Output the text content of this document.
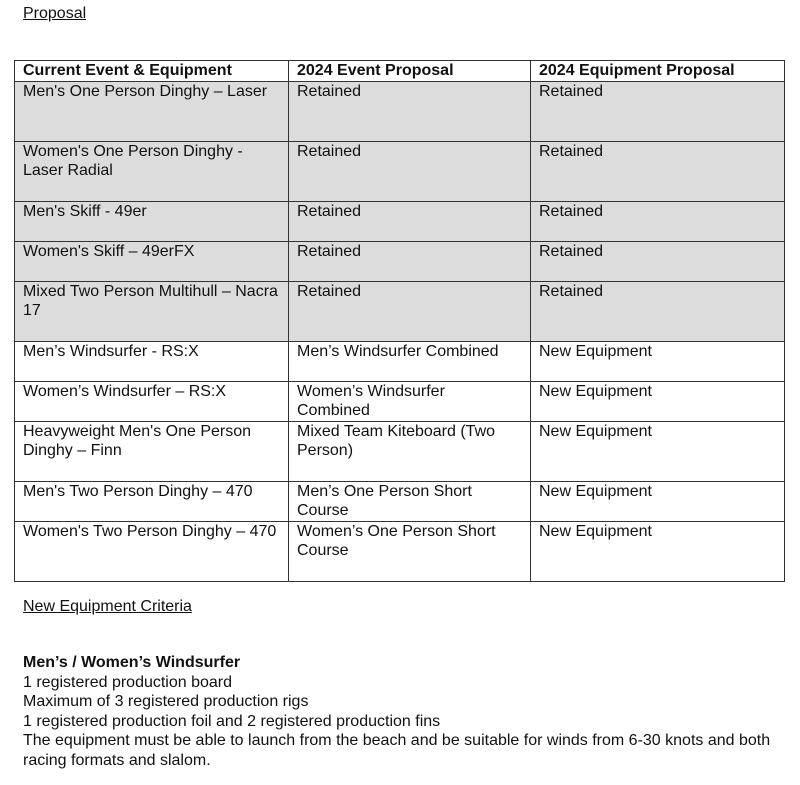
Proposal
Current Event & Equipment	2024 Event Proposal	2024 Equipment Proposal
Men's One Person Dinghy – Laser	Retained	Retained
Women's One Person Dinghy - Laser Radial	Retained	Retained
Men's Skiff - 49er	Retained	Retained
Women's Skiff – 49erFX	Retained	Retained
Mixed Two Person Multihull – Nacra 17	Retained	Retained
Men’s Windsurfer - RS:X	Men’s Windsurfer Combined	New Equipment
Women’s Windsurfer – RS:X	Women’s Windsurfer Combined	New Equipment
Heavyweight Men's One Person Dinghy – Finn	Mixed Team Kiteboard (Two Person)	New Equipment
Men's Two Person Dinghy – 470	Men’s One Person Short Course	New Equipment
Women's Two Person Dinghy – 470	Women’s One Person Short Course	New Equipment
New Equipment Criteria
Men’s / Women’s Windsurfer
1 registered production board
Maximum of 3 registered production rigs
1 registered production foil and 2 registered production fins
The equipment must be able to launch from the beach and be suitable for winds from 6-30 knots and both racing formats and slalom.
